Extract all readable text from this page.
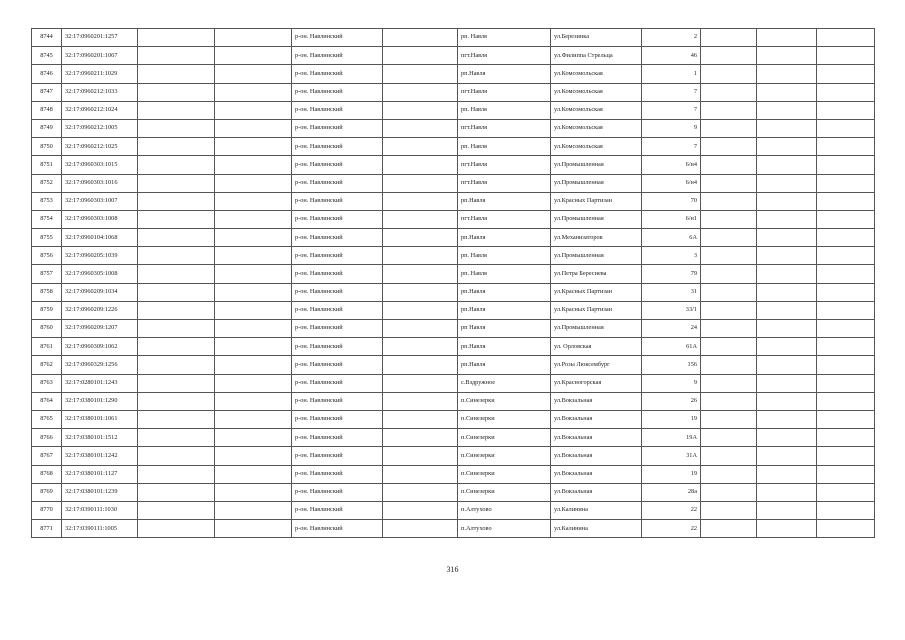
8744	32:17:0960201:1257			р-он. Навлинский		рп. Навля	ул.Березинка	2			
8745	32:17:0960201:1067			р-он. Навлинский		пгт.Навля	ул.Филиппа Стрельца	46			
8746	32:17:0960211:1029			р-он. Навлинский		рп.Навля	ул.Комсомольская	1			
8747	32:17:0960212:1033			р-он. Навлинский		пгт.Навля	ул.Комсомольская	7			
8748	32:17:0960212:1024			р-он. Навлинский		рп. Навля	ул.Комсомольская	7			
8749	32:17:0960212:1005			р-он. Навлинский		пгт.Навля	ул.Комсомольская	9			
8750	32:17:0960212:1025			р-он. Навлинский		рп. Навля	ул.Комсомольская	7			
8751	32:17:0960303:1015			р-он. Навлинский		пгт.Навля	ул.Промышленная	6/н4			
8752	32:17:0960303:1016			р-он. Навлинский		пгт.Навля	ул.Промышленная	6/н4			
8753	32:17:0960303:1007			р-он. Навлинский		рп.Навля	ул.Красных Партизан	70			
8754	32:17:0960303:1008			р-он. Навлинский		пгт.Навля	ул.Промышленная	6/н1			
8755	32:17:0960104:1068			р-он. Навлинский		рп.Навля	ул.Механизаторов	6А			
8756	32:17:0960205:1039			р-он. Навлинский		рп. Навля	ул.Промышленная	3			
8757	32:17:0960305:1008			р-он. Навлинский		рп. Навля	ул.Петра Бересиева	79			
8758	32:17:0960209:1034			р-он. Навлинский		рп.Навля	ул.Красных Партизан	31			
8759	32:17:0960209:1226			р-он. Навлинский		рп.Навля	ул.Красных Партизан	33/1			
8760	32:17:0960209:1207			р-он. Навлинский		рп Навля	ул.Промышленная	24			
8761	32:17:0960309:1062			р-он. Навлинский		рп.Навля	ул. Орловская	61А			
8762	32:17:0960329:1256			р-он. Навлинский		рп.Навля	ул.Розы Люксембург	156			
8763	32:17:0280101:1243			р-он. Навлинский		с.Вздружное	ул.Красногорская	9			
8764	32:17:0380101:1290			р-он. Навлинский		п.Синезерки	ул.Вокзальная	26			
8765	32:17:0380101:1061			р-он. Навлинский		п.Синезерки	ул.Вокзальная	19			
8766	32:17:0380101:1512			р-он. Навлинский		п.Синезерки	ул.Вокзальная	19А			
8767	32:17:0380101:1242			р-он. Навлинский		п.Синезерки	ул.Вокзальная	31А			
8768	32:17:0380101:1127			р-он. Навлинский		п.Синезерки	ул.Вокзальная	19			
8769	32:17:0380101:1239			р-он. Навлинский		п.Синезерки	ул.Вокзальная	28а			
8770	32:17:0390111:1030			р-он. Навлинский		п.Алтухово	ул.Калинина	22			
8771	32:17:0390111:1005			р-он. Навлинский		п.Алтухово	ул.Калинина	22			
316
